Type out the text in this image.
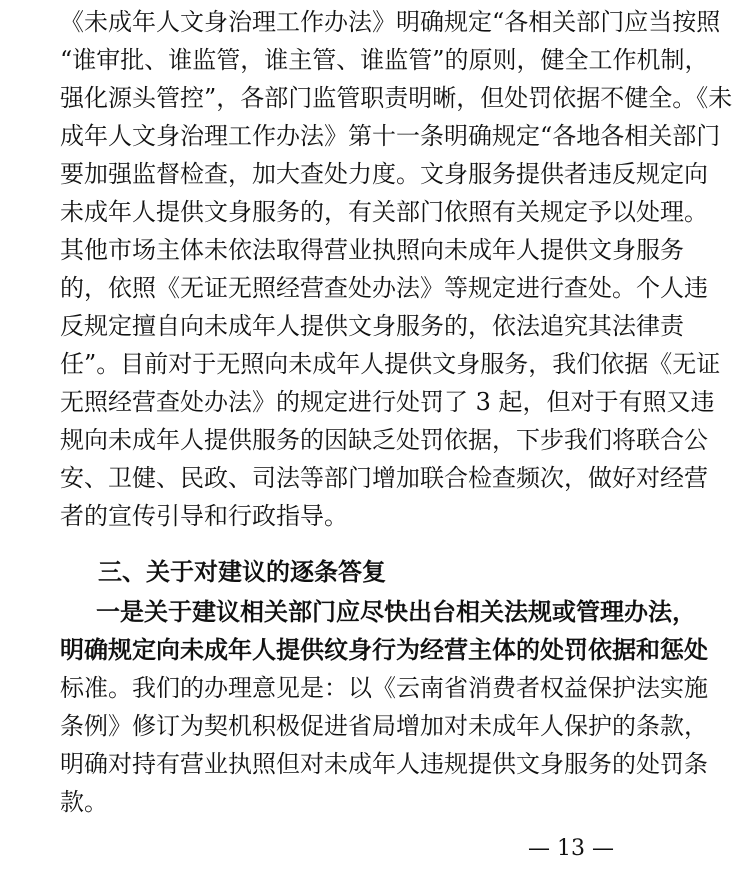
《未成年人文身治理工作办法》明确规定“各相关部门应当按照
“谁审批、谁监管，谁主管、谁监管”的原则，健全工作机制，
强化源头管控”，各部门监管职责明晰，但处罚依据不健全。《未
成年人文身治理工作办法》第十一条明确规定“各地各相关部门
要加强监督检查，加大查处力度。文身服务提供者违反规定向
未成年人提供文身服务的，有关部门依照有关规定予以处理。
其他市场主体未依法取得营业执照向未成年人提供文身服务
的，依照《无证无照经营查处办法》等规定进行查处。个人违
反规定擅自向未成年人提供文身服务的，依法追究其法律责
任”。目前对于无照向未成年人提供文身服务，我们依据《无证
无照经营查处办法》的规定进行处罚了 3 起，但对于有照又违
规向未成年人提供服务的因缺乏处罚依据，下步我们将联合公
安、卫健、民政、司法等部门增加联合检查频次，做好对经营
者的宣传引导和行政指导。
三、关于对建议的逐条答复
一是关于建议相关部门应尽快出台相关法规或管理办法，
明确规定向未成年人提供纹身行为经营主体的处罚依据和惩处
标准。我们的办理意见是：以《云南省消费者权益保护法实施
条例》修订为契机积极促进省局增加对未成年人保护的条款，
明确对持有营业执照但对未成年人违规提供文身服务的处罚条
款。
— 13 —
